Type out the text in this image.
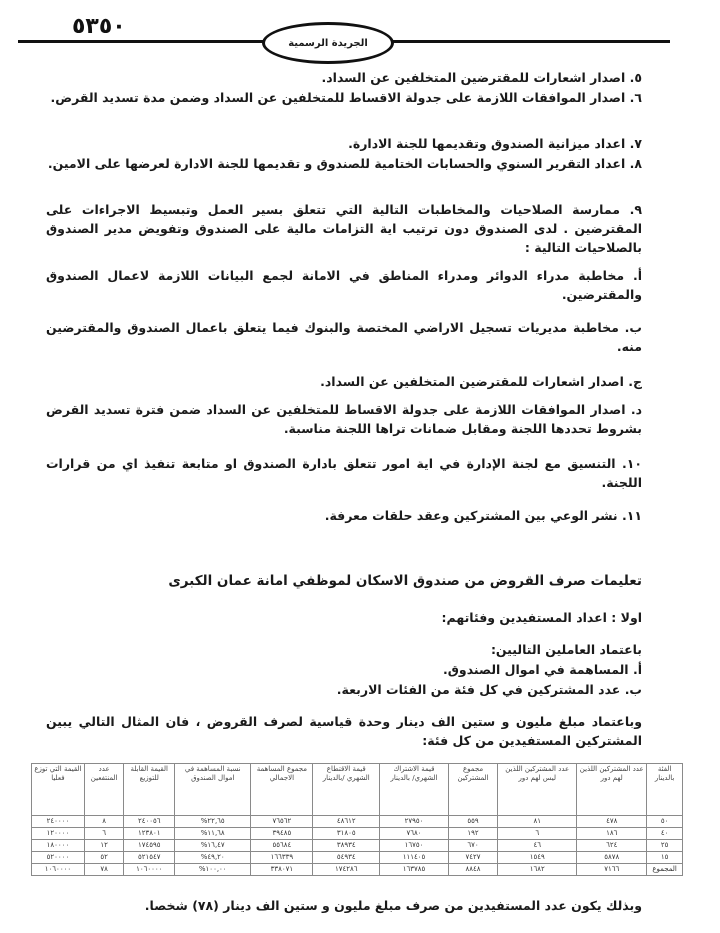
٥٣٥٠
الجريدة الرسمية
٥. اصدار اشعارات للمقترضين المتخلفين عن السداد.
٦. اصدار الموافقات اللازمة على جدولة الاقساط للمتخلفين عن السداد وضمن مدة تسديد القرض.
٧. اعداد ميزانية الصندوق وتقديمها للجنة الادارة.
٨. اعداد التقرير السنوي والحسابات الختامية للصندوق و تقديمها للجنة الادارة لعرضها على الامين.
٩. ممارسة الصلاحيات والمخاطبات التالية التي تتعلق بسير العمل وتبسيط الاجراءات على المقترضين . لدى الصندوق دون ترتيب اية التزامات مالية على الصندوق وتفويض مدير الصندوق بالصلاحيات التالية :
أ. مخاطبة مدراء الدوائر ومدراء المناطق في الامانة لجمع البيانات اللازمة لاعمال الصندوق والمقترضين.
ب. مخاطبة مديريات تسجيل الاراضي المختصة والبنوك فيما يتعلق باعمال الصندوق والمقترضين منه.
ج. اصدار اشعارات للمقترضين المتخلفين عن السداد.
د. اصدار الموافقات اللازمة على جدولة الاقساط للمتخلفين عن السداد ضمن فترة تسديد القرض بشروط تحددها اللجنة ومقابل ضمانات تراها اللجنة مناسبة.
١٠. التنسيق مع لجنة الإدارة في اية امور تتعلق بادارة الصندوق او متابعة تنفيذ اي من قرارات اللجنة.
١١. نشر الوعي بين المشتركين وعقد حلقات معرفة.
تعليمات صرف القروض من صندوق الاسكان لموظفي امانة عمان الكبرى
اولا : اعداد المستفيدين وفئاتهم:
باعتماد العاملين التاليين:
أ. المساهمة في اموال الصندوق.
ب. عدد المشتركين في كل فئة من الفئات الاربعة.
وباعتماد مبلغ مليون و ستين الف دينار وحدة قياسية لصرف القروض ، فان المثال التالي يبين المشتركين المستفيدين من كل فئة:
الفئة بالدينار	عدد المشتركين اللذين لهم دور	عدد المشتركين اللذين ليس لهم دور	مجموع المشتركين	قيمة الاشتراك الشهري/ بالدينار	قيمة الاقتطاع الشهري /بالدينار	مجموع المساهمة الاجمالي	نسبة المساهمة في اموال الصندوق	القيمة القابلة للتوزيع	عدد المنتفعين	القيمة التي توزع فعليا
٥٠	٤٧٨	٨١	٥٥٩	٢٧٩٥٠	٤٨٦١٢	٧٦٥٦٢	٢٢,٦٥%	٢٤٠٠٥٦	٨	٢٤٠٠٠٠
٤٠	١٨٦	٦	١٩٢	٧٦٨٠	٣١٨٠٥	٣٩٤٨٥	١١,٦٨%	١٢٣٨٠١	٦	١٢٠٠٠٠
٢٥	٦٢٤	٤٦	٦٧٠	١٦٧٥٠	٣٨٩٣٤	٥٥٦٨٤	١٦,٤٧%	١٧٤٥٩٥	١٢	١٨٠٠٠٠
١٥	٥٨٧٨	١٥٤٩	٧٤٢٧	١١١٤٠٥	٥٤٩٣٤	١٦٦٣٣٩	٤٩,٢٠%	٥٢١٥٤٧	٥٢	٥٢٠٠٠٠
المجموع	٧١٦٦	١٦٨٢	٨٨٤٨	١٦٣٧٨٥	١٧٤٢٨٦	٣٣٨٠٧١	١٠٠,٠٠%	١٠٦٠٠٠٠	٧٨	١٠٦٠٠٠٠
وبذلك يكون عدد المستفيدين من صرف مبلغ مليون و ستين الف دينار (٧٨) شخصا.
